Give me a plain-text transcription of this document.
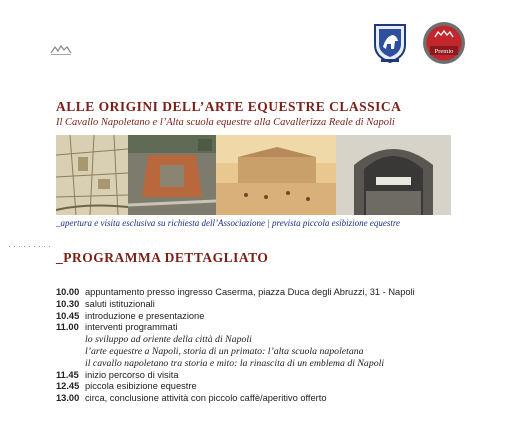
Premio
ALLE ORIGINI DELL’ARTE EQUESTRE CLASSICA
Il Cavallo Napoletano e l’Alta scuola equestre alla Cavallerizza Reale di Napoli
_apertura e visita esclusiva su richiesta dell’Associazione | prevista piccola esibizione equestre
·········
_PROGRAMMA DETTAGLIATO
10.00 appuntamento presso ingresso Caserma, piazza Duca degli Abruzzi, 31 - Napoli
10.30 saluti istituzionali
10.45 introduzione e presentazione
11.00 interventi programmati
lo sviluppo ad oriente della città di Napoli
l’arte equestre a Napoli, storia di un primato: l’alta scuola napoletana
il cavallo napoletano tra storia e mito: la rinascita di un emblema di Napoli
11.45 inizio percorso di visita
12.45 piccola esibizione equestre
13.00 circa, conclusione attività con piccolo caffè/aperitivo offerto
